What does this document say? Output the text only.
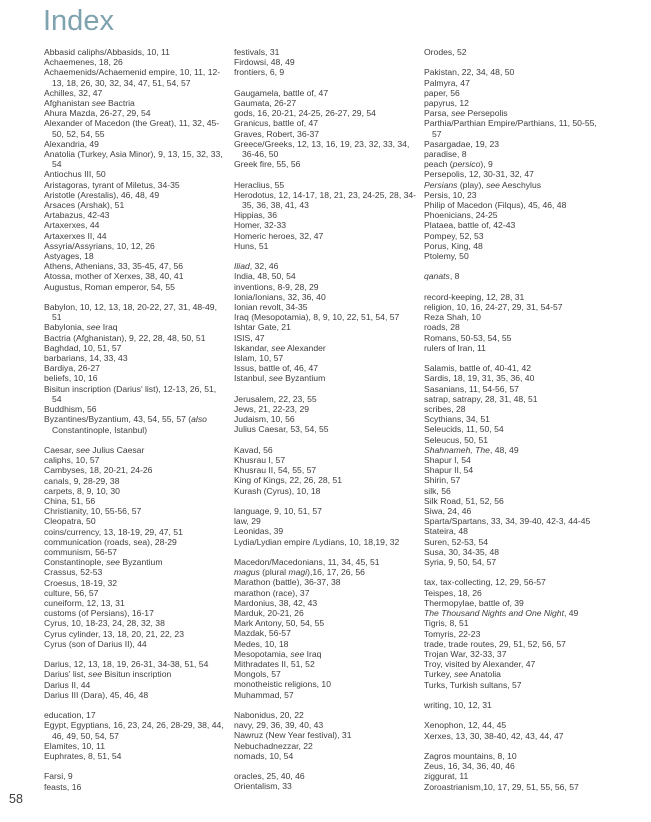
Index

Abbasid caliphs/Abbasids, 10, 11

Achaemenes, 18, 26

Achaemenids/Achaemenid empire, 10, 11, 12-13, 18, 26, 30, 32, 34, 47, 51, 54, 57

Achilles, 32, 47

Afghanistan see Bactria

Ahura Mazda, 26-27, 29, 54

Alexander of Macedon (the Great), 11, 32, 45-50, 52, 54, 55

Alexandria, 49

Anatolia (Turkey, Asia Minor), 9, 13, 15, 32, 33, 54

Antiochus III, 50

Aristagoras, tyrant of Miletus, 34-35

Aristotle (Arestalis), 46, 48, 49

Arsaces (Arshak), 51

Artabazus, 42-43

Artaxerxes, 44

Artaxerxes II, 44

Assyria/Assyrians, 10, 12, 26

Astyages, 18

Athens, Athenians, 33, 35-45, 47, 56

Atossa, mother of Xerxes, 38, 40, 41

Augustus, Roman emperor, 54, 55

Babylon, 10, 12, 13, 18, 20-22, 27, 31, 48-49, 51

Babylonia, see Iraq

Bactria (Afghanistan), 9, 22, 28, 48, 50, 51

Baghdad, 10, 51, 57

barbarians, 14, 33, 43

Bardiya, 26-27

beliefs, 10, 16

Bisitun inscription (Darius' list), 12-13, 26, 51, 54

Buddhism, 56

Byzantines/Byzantium, 43, 54, 55, 57 (also Constantinople, Istanbul)

Caesar, see Julius Caesar

caliphs, 10, 57

Cambyses, 18, 20-21, 24-26

canals, 9, 28-29, 38

carpets, 8, 9, 10, 30

China, 51, 56

Christianity, 10, 55-56, 57

Cleopatra, 50

coins/currency, 13, 18-19, 29, 47, 51

communication (roads, sea), 28-29

communism, 56-57

Constantinople, see Byzantium

Crassus, 52-53

Croesus, 18-19, 32

culture, 56, 57

cuneiform, 12, 13, 31

customs (of Persians), 16-17

Cyrus, 10, 18-23, 24, 28, 32, 38

Cyrus cylinder, 13, 18, 20, 21, 22, 23

Cyrus (son of Darius II), 44

Darius, 12, 13, 18, 19, 26-31, 34-38, 51, 54

Darius' list, see Bisitun inscription

Darius II, 44

Darius III (Dara), 45, 46, 48

education, 17

Egypt, Egyptians, 16, 23, 24, 26, 28-29, 38, 44, 46, 49, 50, 54, 57

Elamites, 10, 11

Euphrates, 8, 51, 54

Farsi, 9

feasts, 16

festivals, 31

Firdowsi, 48, 49

frontiers, 6, 9

Gaugamela, battle of, 47

Gaumata, 26-27

gods, 16, 20-21, 24-25, 26-27, 29, 54

Granicus, battle of, 47

Graves, Robert, 36-37

Greece/Greeks, 12, 13, 16, 19, 23, 32, 33, 34, 36-46, 50

Greek fire, 55, 56

Heraclius, 55

Herodotus, 12, 14-17, 18, 21, 23, 24-25, 28, 34-35, 36, 38, 41, 43

Hippias, 36

Homer, 32-33

Homeric heroes, 32, 47

Huns, 51

Iliad, 32, 46

India, 48, 50, 54

inventions, 8-9, 28, 29

Ionia/Ionians, 32, 36, 40

Ionian revolt, 34-35

Iraq (Mesopotamia), 8, 9, 10, 22, 51, 54, 57

Ishtar Gate, 21

ISIS, 47

Iskandar, see Alexander

Islam, 10, 57

Issus, battle of, 46, 47

Istanbul, see Byzantium

Jerusalem, 22, 23, 55

Jews, 21, 22-23, 29

Judaism, 10, 56

Julius Caesar, 53, 54, 55

Kavad, 56

Khusrau I, 57

Khusrau II, 54, 55, 57

King of Kings, 22, 26, 28, 51

Kurash (Cyrus), 10, 18

language, 9, 10, 51, 57

law, 29

Leonidas, 39

Lydia/Lydian empire /Lydians, 10, 18,19, 32

Macedon/Macedonians, 11, 34, 45, 51

magus (plural magi),16, 17, 26, 56

Marathon (battle), 36-37, 38

marathon (race), 37

Mardonius, 38, 42, 43

Marduk, 20-21, 26

Mark Antony, 50, 54, 55

Mazdak, 56-57

Medes, 10, 18

Mesopotamia, see Iraq

Mithradates II, 51, 52

Mongols, 57

monotheistic religions, 10

Muhammad, 57

Nabonidus, 20, 22

navy, 29, 36, 39, 40, 43

Nawruz (New Year festival), 31

Nebuchadnezzar, 22

nomads, 10, 54

oracles, 25, 40, 46

Orientalism, 33

Orodes, 52

Pakistan, 22, 34, 48, 50

Palmyra, 47

paper, 56

papyrus, 12

Parsa, see Persepolis

Parthia/Parthian Empire/Parthians, 11, 50-55, 57

Pasargadae, 19, 23

paradise, 8

peach (persico), 9

Persepolis, 12, 30-31, 32, 47

Persians (play), see Aeschylus

Persis, 10, 23

Philip of Macedon (Filqus), 45, 46, 48

Phoenicians, 24-25

Plataea, battle of, 42-43

Pompey, 52, 53

Porus, King, 48

Ptolemy, 50

qanats, 8

record-keeping, 12, 28, 31

religion, 10, 16, 24-27, 29, 31, 54-57

Reza Shah, 10

roads, 28

Romans, 50-53, 54, 55

rulers of Iran, 11

Salamis, battle of, 40-41, 42

Sardis, 18, 19, 31, 35, 36, 40

Sasanians, 11, 54-56, 57

satrap, satrapy, 28, 31, 48, 51

scribes, 28

Scythians, 34, 51

Seleucids, 11, 50, 54

Seleucus, 50, 51

Shahnameh, The, 48, 49

Shapur I, 54

Shapur II, 54

Shirin, 57

silk, 56

Silk Road, 51, 52, 56

Siwa, 24, 46

Sparta/Spartans, 33, 34, 39-40, 42-3, 44-45

Stateira, 48

Suren, 52-53, 54

Susa, 30, 34-35, 48

Syria, 9, 50, 54, 57

tax, tax-collecting, 12, 29, 56-57

Teispes, 18, 26

Thermopylae, battle of, 39

The Thousand Nights and One Night, 49

Tigris, 8, 51

Tomyris, 22-23

trade, trade routes, 29, 51, 52, 56, 57

Trojan War, 32-33, 37

Troy, visited by Alexander, 47

Turkey, see Anatolia

Turks, Turkish sultans, 57

writing, 10, 12, 31

Xenophon, 12, 44, 45

Xerxes, 13, 30, 38-40, 42, 43, 44, 47

Zagros mountains, 8, 10

Zeus, 16, 34, 36, 40, 46

ziggurat, 11

Zoroastrianism,10, 17, 29, 51, 55, 56, 57

58
